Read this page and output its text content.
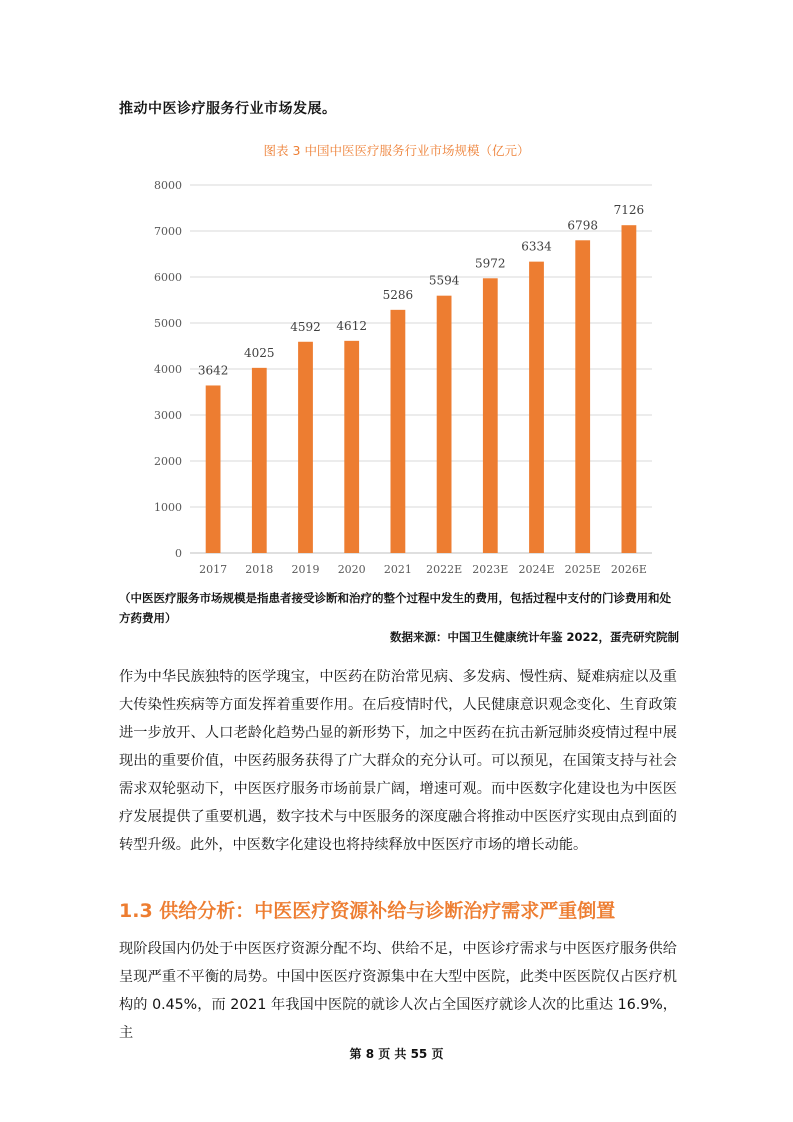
推动中医诊疗服务行业市场发展。
图表 3 中国中医医疗服务行业市场规模（亿元）
0
1000
2000
3000
4000
5000
6000
7000
8000
3642
2017
4025
2018
4592
2019
4612
2020
5286
2021
5594
2022E
5972
2023E
6334
2024E
6798
2025E
7126
2026E
（中医医疗服务市场规模是指患者接受诊断和治疗的整个过程中发生的费用，包括过程中支付的门诊费用和处方药费用）
数据来源：中国卫生健康统计年鉴 2022，蛋壳研究院制
作为中华民族独特的医学瑰宝，中医药在防治常见病、多发病、慢性病、疑难病症以及重大传染性疾病等方面发挥着重要作用。在后疫情时代，人民健康意识观念变化、生育政策进一步放开、人口老龄化趋势凸显的新形势下，加之中医药在抗击新冠肺炎疫情过程中展现出的重要价值，中医药服务获得了广大群众的充分认可。可以预见，在国策支持与社会需求双轮驱动下，中医医疗服务市场前景广阔，增速可观。而中医数字化建设也为中医医疗发展提供了重要机遇，数字技术与中医服务的深度融合将推动中医医疗实现由点到面的转型升级。此外，中医数字化建设也将持续释放中医医疗市场的增长动能。
1.3 供给分析：中医医疗资源补给与诊断治疗需求严重倒置
现阶段国内仍处于中医医疗资源分配不均、供给不足，中医诊疗需求与中医医疗服务供给呈现严重不平衡的局势。中国中医医疗资源集中在大型中医院，此类中医医院仅占医疗机构的 0.45%，而 2021 年我国中医院的就诊人次占全国医疗就诊人次的比重达 16.9%，主
第 8 页 共 55 页
